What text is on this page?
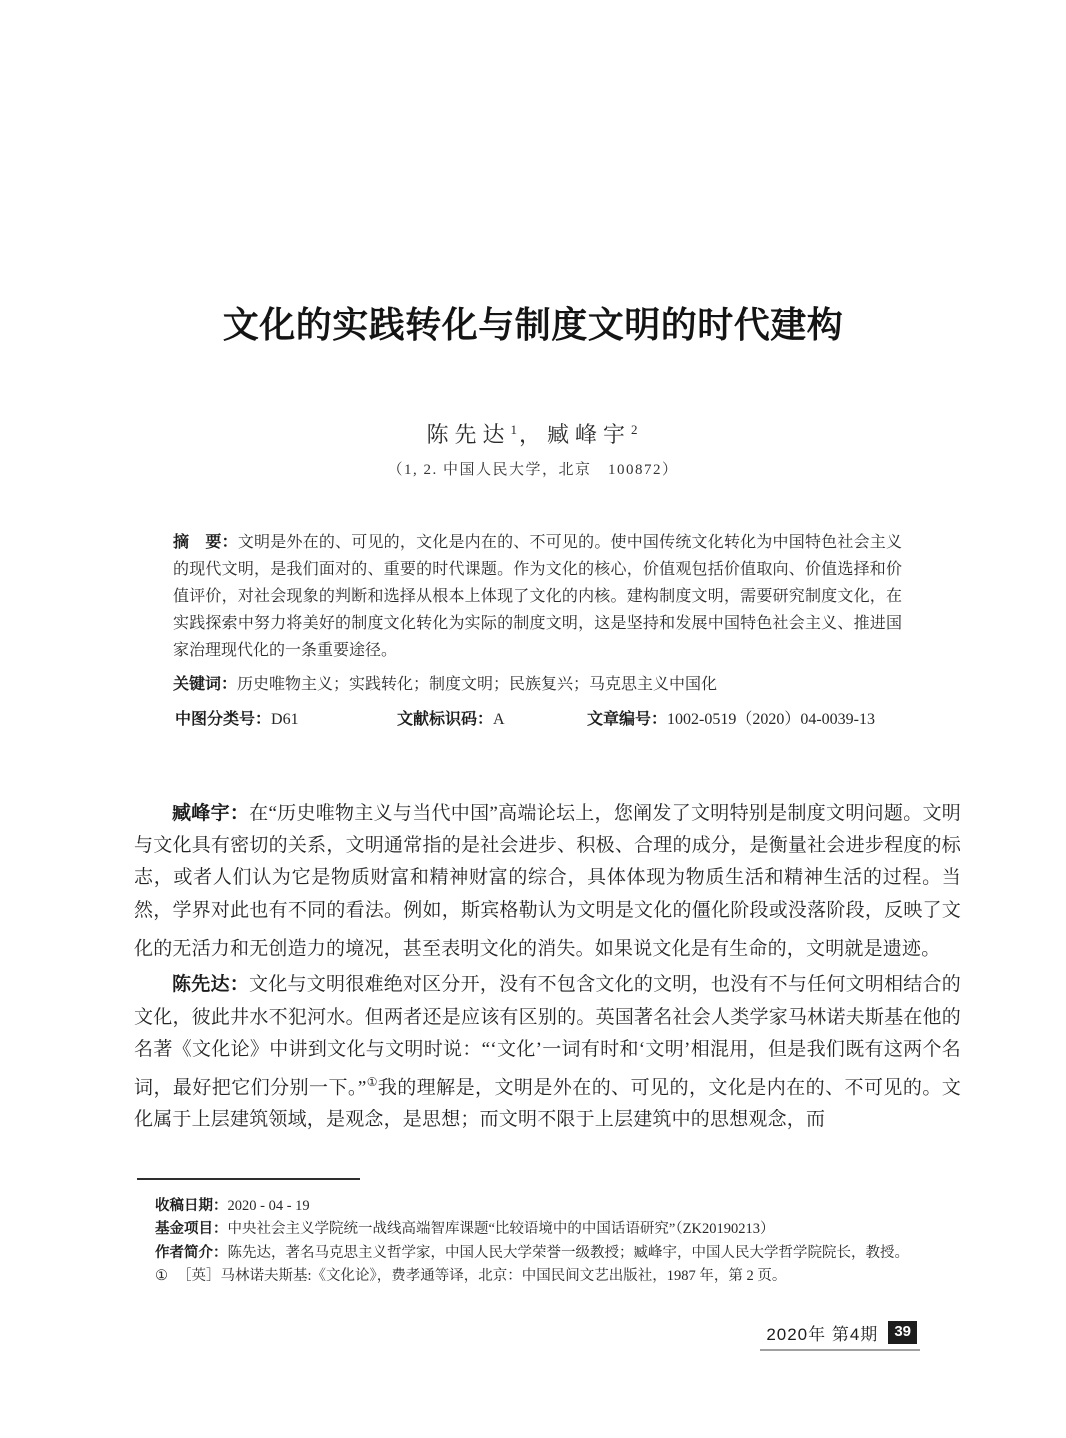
文化的实践转化与制度文明的时代建构
陈先达$^1$，臧峰宇$^2$
（1, 2. 中国人民大学，北京　100872）

摘　要：文明是外在的、可见的，文化是内在的、不可见的。使中国传统文化转化为中国特色社会主义的现代文明，是我们面对的、重要的时代课题。作为文化的核心，价值观包括价值取向、价值选择和价值评价，对社会现象的判断和选择从根本上体现了文化的内核。建构制度文明，需要研究制度文化，在实践探索中努力将美好的制度文化转化为实际的制度文明，这是坚持和发展中国特色社会主义、推进国家治理现代化的一条重要途径。

关键词：历史唯物主义；实践转化；制度文明；民族复兴；马克思主义中国化

中图分类号：D61	文献标识码：A	文章编号：1002-0519（2020）04-0039-13

臧峰宇：在“历史唯物主义与当代中国”高端论坛上，您阐发了文明特别是制度文明问题。文明与文化具有密切的关系，文明通常指的是社会进步、积极、合理的成分，是衡量社会进步程度的标志，或者人们认为它是物质财富和精神财富的综合，具体体现为物质生活和精神生活的过程。当然，学界对此也有不同的看法。例如，斯宾格勒认为文明是文化的僵化阶段或没落阶段，反映了文化的无活力和无创造力的境况，甚至表明文化的消失。如果说文化是有生命的，文明就是遗迹。

陈先达：文化与文明很难绝对区分开，没有不包含文化的文明，也没有不与任何文明相结合的文化，彼此井水不犯河水。但两者还是应该有区别的。英国著名社会人类学家马林诺夫斯基在他的名著《文化论》中讲到文化与文明时说：“‘文化’一词有时和‘文明’相混用，但是我们既有这两个名词，最好把它们分别一下。”①我的理解是，文明是外在的、可见的，文化是内在的、不可见的。文化属于上层建筑领域，是观念，是思想；而文明不限于上层建筑中的思想观念，而

收稿日期：2020 - 04 - 19
基金项目：中央社会主义学院统一战线高端智库课题“比较语境中的中国话语研究”（ZK20190213）
作者简介：陈先达，著名马克思主义哲学家，中国人民大学荣誉一级教授；臧峰宇，中国人民大学哲学院院长，教授。
① ［英］马林诺夫斯基:《文化论》，费孝通等译，北京：中国民间文艺出版社，1987 年，第 2 页。
2020年 第4期	39
